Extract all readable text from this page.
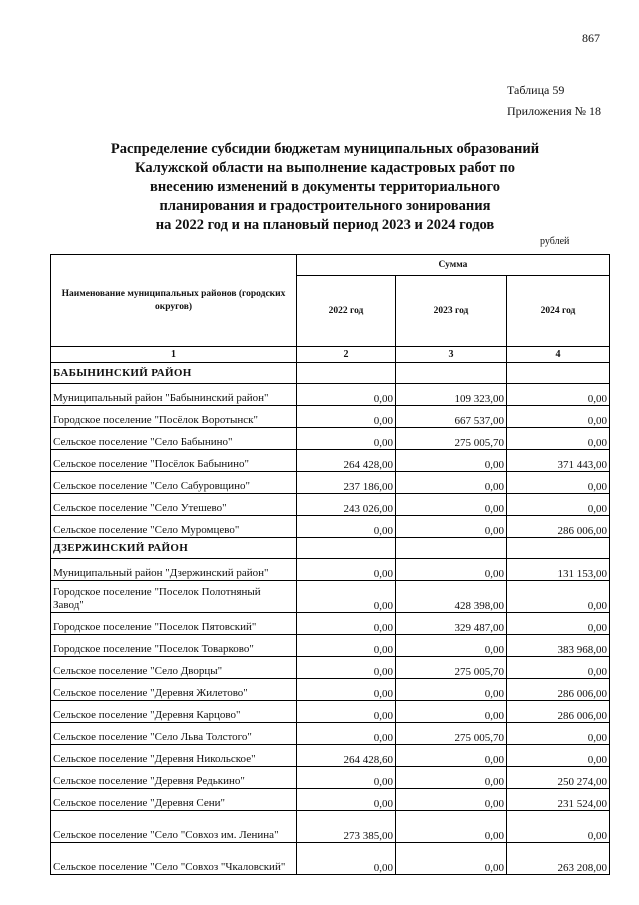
867
Таблица 59
Приложения № 18
Распределение субсидии бюджетам муниципальных образований
Калужской области на выполнение кадастровых работ по
внесению изменений в документы территориального
планирования и градостроительного зонирования
на 2022 год и на плановый период 2023 и 2024 годов
рублей
Наименование муниципальных районов (городских округов)	Сумма		
	2022 год	2023 год	2024 год
1	2	3	4
БАБЫНИНСКИЙ РАЙОН			
Муниципальный район "Бабынинский район"	0,00	109 323,00	0,00
Городское поселение "Посёлок Воротынск"	0,00	667 537,00	0,00
Сельское поселение "Село Бабынино"	0,00	275 005,70	0,00
Сельское поселение "Посёлок Бабынино"	264 428,00	0,00	371 443,00
Сельское поселение "Село Сабуровщино"	237 186,00	0,00	0,00
Сельское поселение "Село Утешево"	243 026,00	0,00	0,00
Сельское поселение "Село Муромцево"	0,00	0,00	286 006,00
ДЗЕРЖИНСКИЙ РАЙОН			
Муниципальный район "Дзержинский район"	0,00	0,00	131 153,00
Городское поселение "Поселок Полотняный Завод"	0,00	428 398,00	0,00
Городское поселение "Поселок Пятовский"	0,00	329 487,00	0,00
Городское поселение "Поселок Товарково"	0,00	0,00	383 968,00
Сельское поселение "Село Дворцы"	0,00	275 005,70	0,00
Сельское поселение "Деревня Жилетово"	0,00	0,00	286 006,00
Сельское поселение "Деревня Карцово"	0,00	0,00	286 006,00
Сельское поселение "Село Льва Толстого"	0,00	275 005,70	0,00
Сельское поселение "Деревня Никольское"	264 428,60	0,00	0,00
Сельское поселение "Деревня Редькино"	0,00	0,00	250 274,00
Сельское поселение "Деревня Сени"	0,00	0,00	231 524,00
Сельское поселение "Село "Совхоз им. Ленина"	273 385,00	0,00	0,00
Сельское поселение "Село "Совхоз "Чкаловский"	0,00	0,00	263 208,00
